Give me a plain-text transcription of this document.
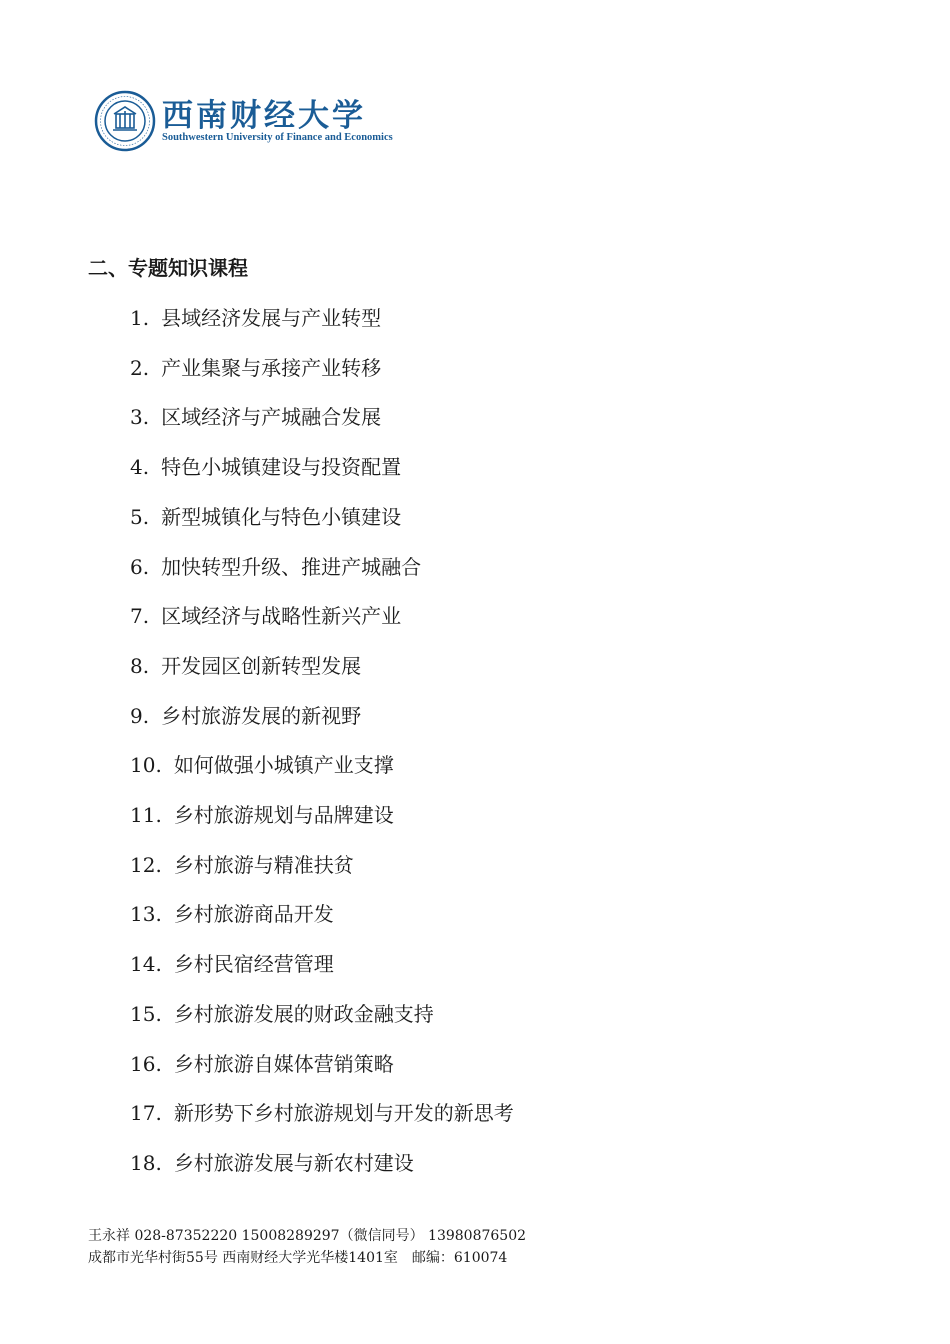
西南财经大学
Southwestern University of Finance and Economics
二、专题知识课程
1. 县域经济发展与产业转型
2. 产业集聚与承接产业转移
3. 区域经济与产城融合发展
4. 特色小城镇建设与投资配置
5. 新型城镇化与特色小镇建设
6. 加快转型升级、推进产城融合
7. 区域经济与战略性新兴产业
8. 开发园区创新转型发展
9. 乡村旅游发展的新视野
10. 如何做强小城镇产业支撑
11. 乡村旅游规划与品牌建设
12. 乡村旅游与精准扶贫
13. 乡村旅游商品开发
14. 乡村民宿经营管理
15. 乡村旅游发展的财政金融支持
16. 乡村旅游自媒体营销策略
17. 新形势下乡村旅游规划与开发的新思考
18. 乡村旅游发展与新农村建设
王永祥 028-87352220 15008289297（微信同号） 13980876502
成都市光华村街55号 西南财经大学光华楼1401室　邮编：610074
